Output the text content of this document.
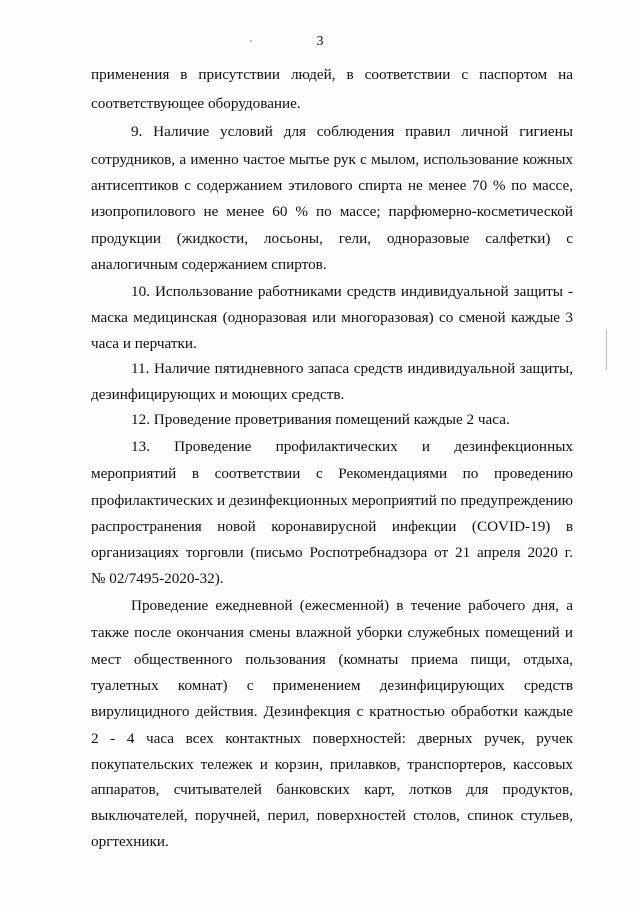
3
применения в присутствии людей, в соответствии с паспортом на
соответствующее оборудование.
9. Наличие условий для соблюдения правил личной гигиены
сотрудников, а именно частое мытье рук с мылом, использование кожных
антисептиков с содержанием этилового спирта не менее 70 % по массе,
изопропилового не менее 60 % по массе; парфюмерно-косметической
продукции (жидкости, лосьоны, гели, одноразовые салфетки) с
аналогичным содержанием спиртов.
10. Использование работниками средств индивидуальной защиты -
маска медицинская (одноразовая или многоразовая) со сменой каждые 3
часа и перчатки.
11. Наличие пятидневного запаса средств индивидуальной защиты,
дезинфицирующих и моющих средств.
12. Проведение проветривания помещений каждые 2 часа.
13. Проведение профилактических и дезинфекционных
мероприятий в соответствии с Рекомендациями по проведению
профилактических и дезинфекционных мероприятий по предупреждению
распространения новой коронавирусной инфекции (COVID-19) в
организациях торговли (письмо Роспотребнадзора от 21 апреля 2020 г.
№ 02/7495-2020-32).
Проведение ежедневной (ежесменной) в течение рабочего дня, а
также после окончания смены влажной уборки служебных помещений и
мест общественного пользования (комнаты приема пищи, отдыха,
туалетных комнат) с применением дезинфицирующих средств
вирулицидного действия. Дезинфекция с кратностью обработки каждые
2 - 4 часа всех контактных поверхностей: дверных ручек, ручек
покупательских тележек и корзин, прилавков, транспортеров, кассовых
аппаратов, считывателей банковских карт, лотков для продуктов,
выключателей, поручней, перил, поверхностей столов, спинок стульев,
оргтехники.
